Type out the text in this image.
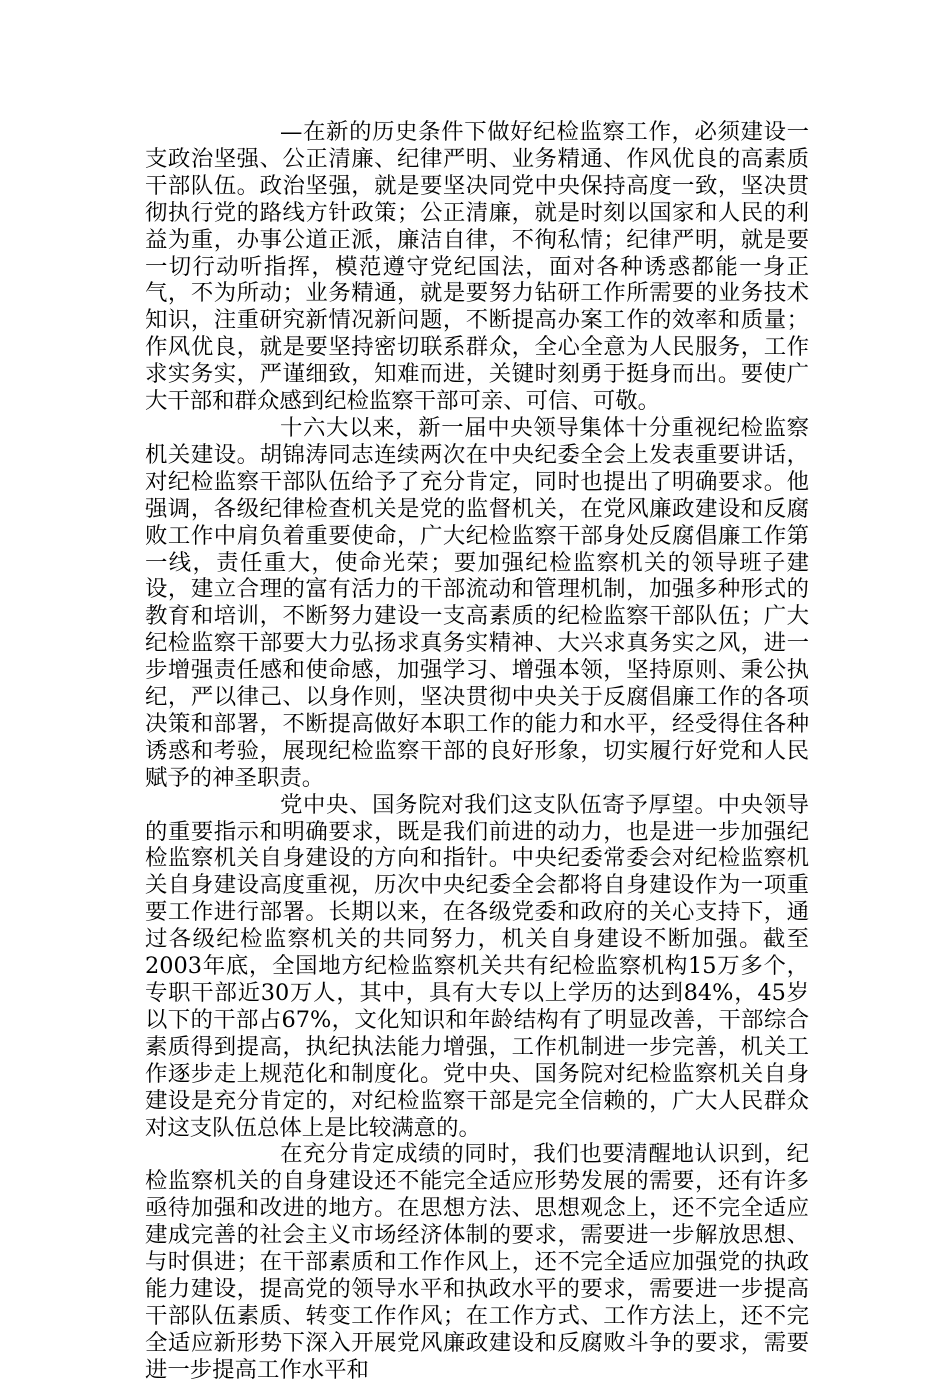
—在新的历史条件下做好纪检监察工作，必须建设一支政治坚强、公正清廉、纪律严明、业务精通、作风优良的高素质干部队伍。政治坚强，就是要坚决同党中央保持高度一致，坚决贯彻执行党的路线方针政策；公正清廉，就是时刻以国家和人民的利益为重，办事公道正派，廉洁自律，不徇私情；纪律严明，就是要一切行动听指挥，模范遵守党纪国法，面对各种诱惑都能一身正气，不为所动；业务精通，就是要努力钻研工作所需要的业务技术知识，注重研究新情况新问题，不断提高办案工作的效率和质量；作风优良，就是要坚持密切联系群众，全心全意为人民服务，工作求实务实，严谨细致，知难而进，关键时刻勇于挺身而出。要使广大干部和群众感到纪检监察干部可亲、可信、可敬。

十六大以来，新一届中央领导集体十分重视纪检监察机关建设。胡锦涛同志连续两次在中央纪委全会上发表重要讲话，对纪检监察干部队伍给予了充分肯定，同时也提出了明确要求。他强调，各级纪律检查机关是党的监督机关，在党风廉政建设和反腐败工作中肩负着重要使命，广大纪检监察干部身处反腐倡廉工作第一线，责任重大，使命光荣；要加强纪检监察机关的领导班子建设，建立合理的富有活力的干部流动和管理机制，加强多种形式的教育和培训，不断努力建设一支高素质的纪检监察干部队伍；广大纪检监察干部要大力弘扬求真务实精神、大兴求真务实之风，进一步增强责任感和使命感，加强学习、增强本领，坚持原则、秉公执纪，严以律己、以身作则，坚决贯彻中央关于反腐倡廉工作的各项决策和部署，不断提高做好本职工作的能力和水平，经受得住各种诱惑和考验，展现纪检监察干部的良好形象，切实履行好党和人民赋予的神圣职责。

党中央、国务院对我们这支队伍寄予厚望。中央领导的重要指示和明确要求，既是我们前进的动力，也是进一步加强纪检监察机关自身建设的方向和指针。中央纪委常委会对纪检监察机关自身建设高度重视，历次中央纪委全会都将自身建设作为一项重要工作进行部署。长期以来，在各级党委和政府的关心支持下，通过各级纪检监察机关的共同努力，机关自身建设不断加强。截至2003年底，全国地方纪检监察机关共有纪检监察机构15万多个，专职干部近30万人，其中，具有大专以上学历的达到84%，45岁以下的干部占67%，文化知识和年龄结构有了明显改善，干部综合素质得到提高，执纪执法能力增强，工作机制进一步完善，机关工作逐步走上规范化和制度化。党中央、国务院对纪检监察机关自身建设是充分肯定的，对纪检监察干部是完全信赖的，广大人民群众对这支队伍总体上是比较满意的。

在充分肯定成绩的同时，我们也要清醒地认识到，纪检监察机关的自身建设还不能完全适应形势发展的需要，还有许多亟待加强和改进的地方。在思想方法、思想观念上，还不完全适应建成完善的社会主义市场经济体制的要求，需要进一步解放思想、与时俱进；在干部素质和工作作风上，还不完全适应加强党的执政能力建设，提高党的领导水平和执政水平的要求，需要进一步提高干部队伍素质、转变工作作风；在工作方式、工作方法上，还不完全适应新形势下深入开展党风廉政建设和反腐败斗争的要求，需要进一步提高工作水平和
